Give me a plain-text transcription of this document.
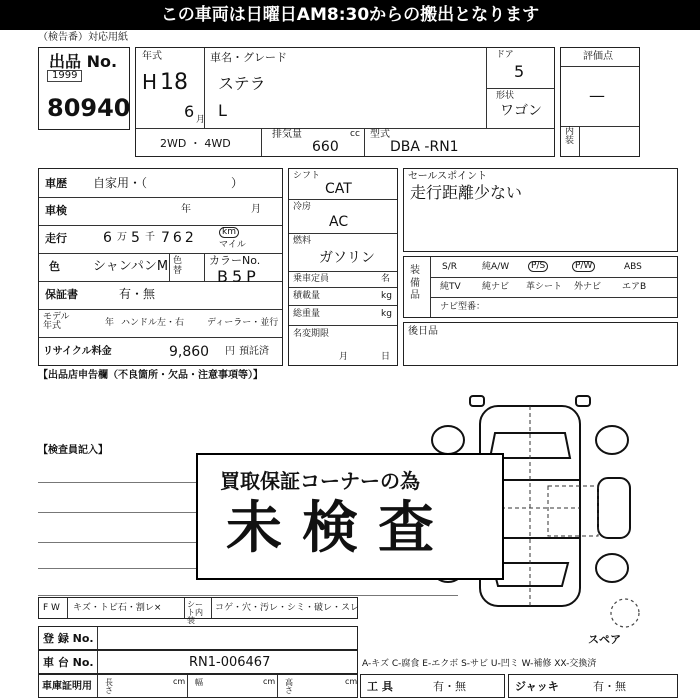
この車両は日曜日AM8:30からの搬出となります
（検告番）対応用紙
出品 No.
1999
80940
年式
H 18
6 月
車名・グレード
ステラ
L
ドア
5
形状
ワゴン
2WD ・ 4WD
排気量
660
cc 型式
DBA -RN1
評価点
—
内装
車歴 自家用・（　　　　　　　）
車検	年	月
走行	6 万 5 千 762	km
マイル
色	シャンパンM 色替
カラーNo.
B5P
保証書	有・無
モデル年式	年 ハンドル 左・右	ディーラー・並行
リサイクル料金	9,860 円 預託済
シフト
CAT
冷房
AC
燃料
ガソリン
乗車定員	名
積載量	kg
総重量	kg
名変期限
月	日
セールスポイント
走行距離少ない
装備品
S/R	純A/W	P/S	P/W	ABS
純TV 純ナビ 革シート 外ナビ エアB
ナビ型番：
後日品
【出品店申告欄（不良箇所・欠品・注意事項等）】
【検査員記入】
買取保証コーナーの為
未検査
F W キズ・トビ石・割レ×	シート内装
コゲ・穴・汚レ・シミ・破レ・スレ
登 録 No.
車 台 No.	RN1-006467
車庫証明用 長さ
cm 幅	cm 高さ
cm
スペア
A-キズ C-腐食 E-エクボ S-サビ U-凹ミ W-補修 XX-交換済
工 具	有・無	ジャッキ	有・無
